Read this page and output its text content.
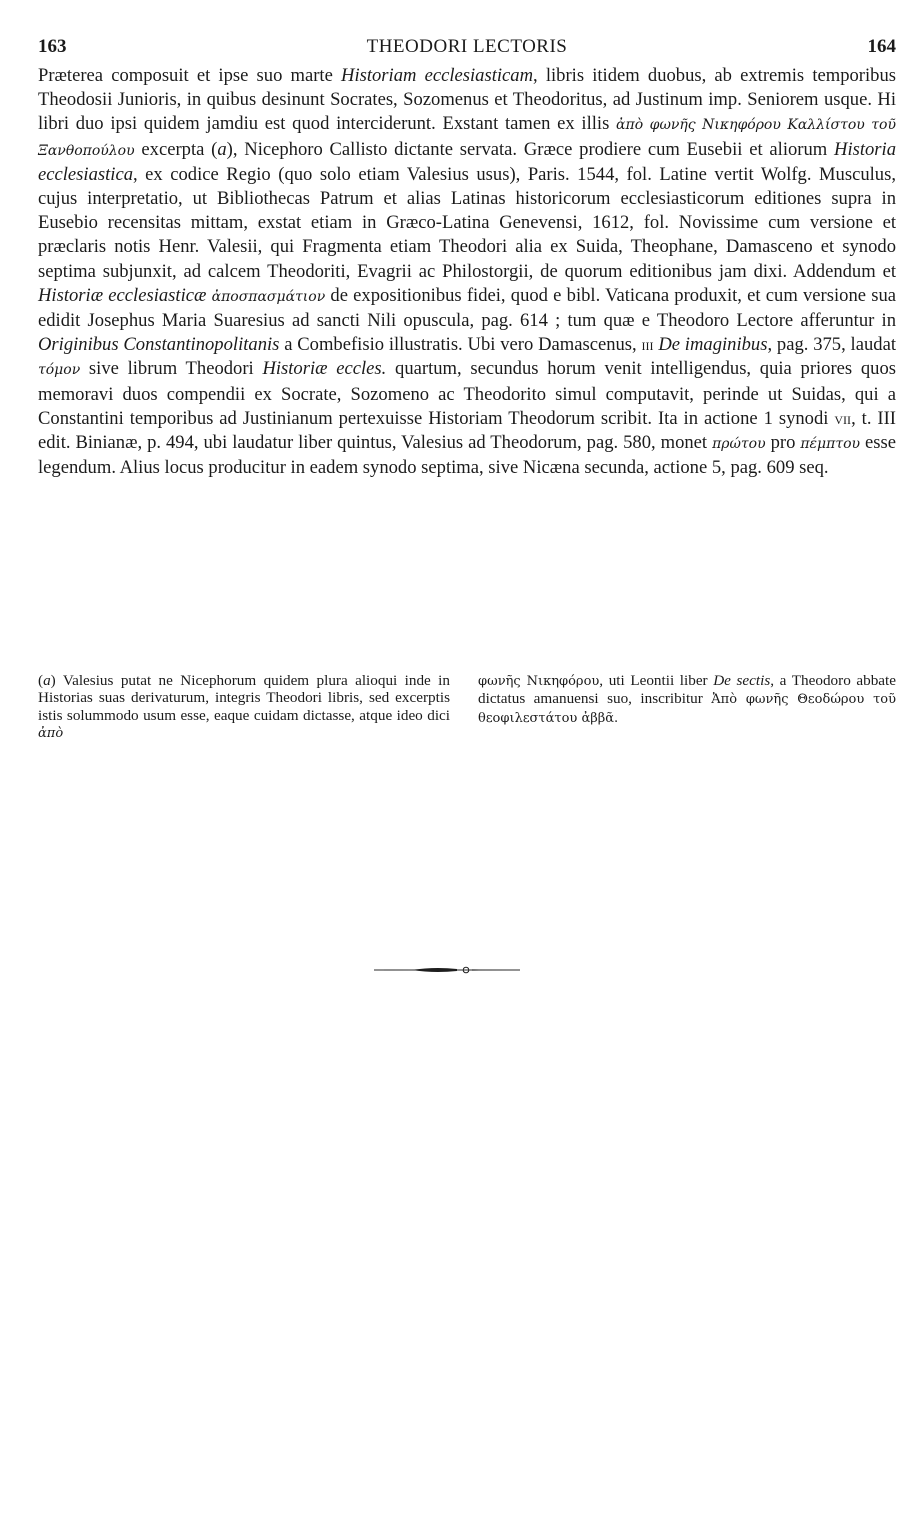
163	THEODORI LECTORIS	164

Præterea composuit et ipse suo marte Historiam ecclesiasticam, libris itidem duobus, ab extremis temporibus Theodosii Junioris, in quibus desinunt Socrates, Sozomenus et Theodoritus, ad Justinum imp. Seniorem usque. Hi libri duo ipsi quidem jamdiu est quod interciderunt. Exstant tamen ex illis ἀπὸ φωνῆς Νικηφόρου Καλλίστου τοῦ Ξανθοπούλου excerpta (a), Nicephoro Callisto dictante servata. Græce prodiere cum Eusebii et aliorum Historia ecclesiastica, ex codice Regio (quo solo etiam Valesius usus), Paris. 1544, fol. Latine vertit Wolfg. Musculus, cujus interpretatio, ut Bibliothecas Patrum et alias Latinas historicorum ecclesiasticorum editiones supra in Eusebio recensitas mittam, exstat etiam in Græco-Latina Genevensi, 1612, fol. Novissime cum versione et præclaris notis Henr. Valesii, qui Fragmenta etiam Theodori alia ex Suida, Theophane, Damasceno et synodo septima subjunxit, ad calcem Theodoriti, Evagrii ac Philostorgii, de quorum editionibus jam dixi. Addendum et Historiæ ecclesiasticæ ἀποσπασμάτιον de expositionibus fidei, quod e bibl. Vaticana produxit, et cum versione sua edidit Josephus Maria Suaresius ad sancti Nili opuscula, pag. 614 ; tum quæ e Theodoro Lectore afferuntur in Originibus Constantinopolitanis a Combefisio illustratis. Ubi vero Damascenus, iii De imaginibus, pag. 375, laudat τόμον sive librum Theodori Historiæ eccles. quartum, secundus horum venit intelligendus, quia priores quos memoravi duos compendii ex Socrate, Sozomeno ac Theodorito simul computavit, perinde ut Suidas, qui a Constantini temporibus ad Justinianum pertexuisse Historiam Theodorum scribit. Ita in actione 1 synodi vii, t. III edit. Binianæ, p. 494, ubi laudatur liber quintus, Valesius ad Theodorum, pag. 580, monet πρώτου pro πέμπτου esse legendum. Alius locus producitur in eadem synodo septima, sive Nicæna secunda, actione 5, pag. 609 seq.

(a) Valesius putat ne Nicephorum quidem plura alioqui inde in Historias suas derivaturum, integris Theodori libris, sed excerptis istis solummodo usum esse, eaque cuidam dictasse, atque ideo dici ἀπὸ

φωνῆς Νικηφόρου, uti Leontii liber De sectis, a Theodoro abbate dictatus amanuensi suo, inscribitur Ἀπὸ φωνῆς Θεοδώρου τοῦ θεοφιλεστάτου ἀββᾶ.
